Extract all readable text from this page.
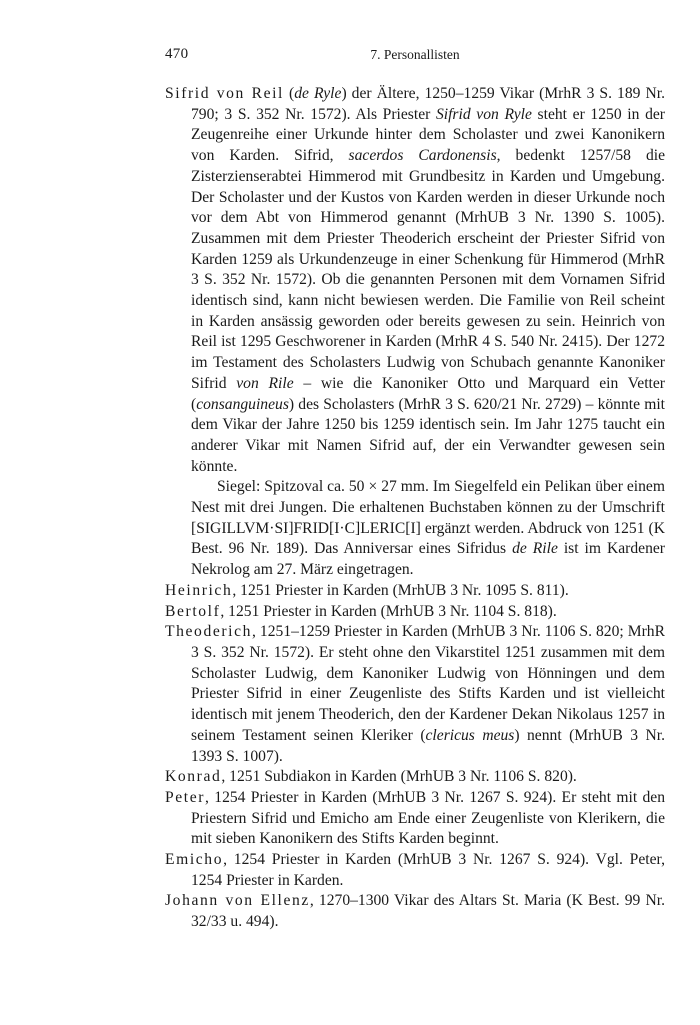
470	7. Personallisten

Sifrid von Reil (de Ryle) der Ältere, 1250–1259 Vikar (MrhR 3 S. 189 Nr. 790; 3 S. 352 Nr. 1572). Als Priester Sifrid von Ryle steht er 1250 in der Zeugenreihe einer Urkunde hinter dem Scholaster und zwei Kanonikern von Karden. Sifrid, sacerdos Cardonensis, bedenkt 1257/58 die Zisterzienserabtei Himmerod mit Grundbesitz in Karden und Umgebung. Der Scholaster und der Kustos von Karden werden in dieser Urkunde noch vor dem Abt von Himmerod genannt (MrhUB 3 Nr. 1390 S. 1005). Zusammen mit dem Priester Theoderich erscheint der Priester Sifrid von Karden 1259 als Urkundenzeuge in einer Schenkung für Himmerod (MrhR 3 S. 352 Nr. 1572). Ob die genannten Personen mit dem Vornamen Sifrid identisch sind, kann nicht bewiesen werden. Die Familie von Reil scheint in Karden ansässig geworden oder bereits gewesen zu sein. Heinrich von Reil ist 1295 Geschworener in Karden (MrhR 4 S. 540 Nr. 2415). Der 1272 im Testament des Scholasters Ludwig von Schubach genannte Kanoniker Sifrid von Rile – wie die Kanoniker Otto und Marquard ein Vetter (consanguineus) des Scholasters (MrhR 3 S. 620/21 Nr. 2729) – könnte mit dem Vikar der Jahre 1250 bis 1259 identisch sein. Im Jahr 1275 taucht ein anderer Vikar mit Namen Sifrid auf, der ein Verwandter gewesen sein könnte.
Siegel: Spitzoval ca. 50 × 27 mm. Im Siegelfeld ein Pelikan über einem Nest mit drei Jungen. Die erhaltenen Buchstaben können zu der Umschrift [SIGILLVM·SI]FRID[I·C]LERIC[I] ergänzt werden. Abdruck von 1251 (K Best. 96 Nr. 189). Das Anniversar eines Sifridus de Rile ist im Kardener Nekrolog am 27. März eingetragen.

Heinrich, 1251 Priester in Karden (MrhUB 3 Nr. 1095 S. 811).

Bertolf, 1251 Priester in Karden (MrhUB 3 Nr. 1104 S. 818).

Theoderich, 1251–1259 Priester in Karden (MrhUB 3 Nr. 1106 S. 820; MrhR 3 S. 352 Nr. 1572). Er steht ohne den Vikarstitel 1251 zusammen mit dem Scholaster Ludwig, dem Kanoniker Ludwig von Hönningen und dem Priester Sifrid in einer Zeugenliste des Stifts Karden und ist vielleicht identisch mit jenem Theoderich, den der Kardener Dekan Nikolaus 1257 in seinem Testament seinen Kleriker (clericus meus) nennt (MrhUB 3 Nr. 1393 S. 1007).

Konrad, 1251 Subdiakon in Karden (MrhUB 3 Nr. 1106 S. 820).

Peter, 1254 Priester in Karden (MrhUB 3 Nr. 1267 S. 924). Er steht mit den Priestern Sifrid und Emicho am Ende einer Zeugenliste von Klerikern, die mit sieben Kanonikern des Stifts Karden beginnt.

Emicho, 1254 Priester in Karden (MrhUB 3 Nr. 1267 S. 924). Vgl. Peter, 1254 Priester in Karden.

Johann von Ellenz, 1270–1300 Vikar des Altars St. Maria (K Best. 99 Nr. 32/33 u. 494).
